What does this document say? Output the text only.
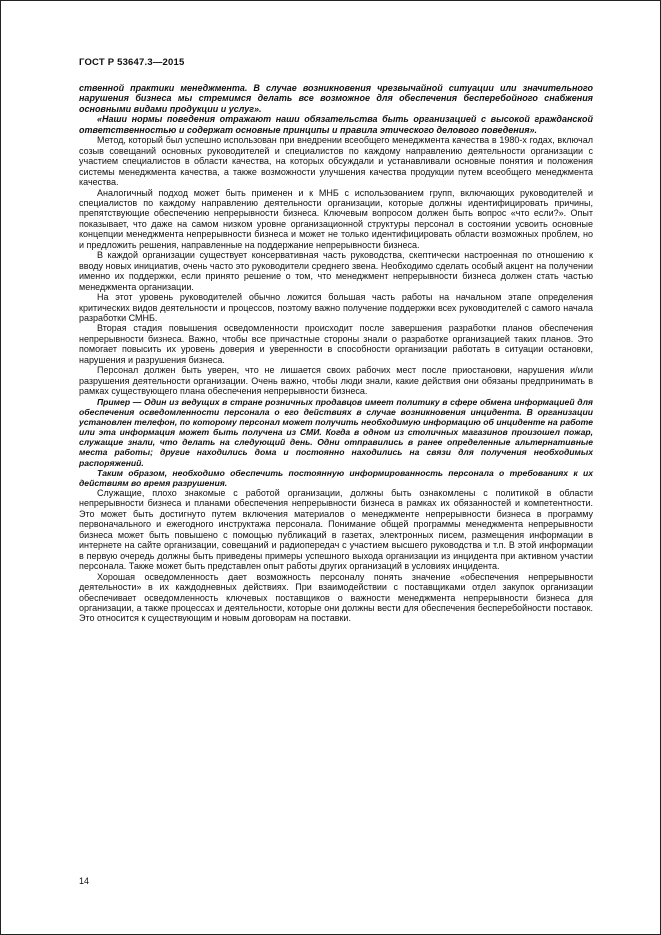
ГОСТ Р 53647.3—2015

ственной практики менеджмента. В случае возникновения чрезвычайной ситуации или значительного нарушения бизнеса мы стремимся делать все возможное для обеспечения бесперебойного снабжения основными видами продукции и услуг».

«Наши нормы поведения отражают наши обязательства быть организацией с высокой гражданской ответственностью и содержат основные принципы и правила этического делового поведения».

Метод, который был успешно использован при внедрении всеобщего менеджмента качества в 1980-х годах, включал созыв совещаний основных руководителей и специалистов по каждому направлению деятельности организации с участием специалистов в области качества, на которых обсуждали и устанавливали основные понятия и положения системы менеджмента качества, а также возможности улучшения качества продукции путем всеобщего менеджмента качества.

Аналогичный подход может быть применен и к МНБ с использованием групп, включающих руководителей и специалистов по каждому направлению деятельности организации, которые должны идентифицировать причины, препятствующие обеспечению непрерывности бизнеса. Ключевым вопросом должен быть вопрос «что если?». Опыт показывает, что даже на самом низком уровне организационной структуры персонал в состоянии усвоить основные концепции менеджмента непрерывности бизнеса и может не только идентифицировать области возможных проблем, но и предложить решения, направленные на поддержание непрерывности бизнеса.

В каждой организации существует консервативная часть руководства, скептически настроенная по отношению к вводу новых инициатив, очень часто это руководители среднего звена. Необходимо сделать особый акцент на получении именно их поддержки, если принято решение о том, что менеджмент непрерывности бизнеса должен стать частью менеджмента организации.

На этот уровень руководителей обычно ложится большая часть работы на начальном этапе определения критических видов деятельности и процессов, поэтому важно получение поддержки всех руководителей с самого начала разработки СМНБ.

Вторая стадия повышения осведомленности происходит после завершения разработки планов обеспечения непрерывности бизнеса. Важно, чтобы все причастные стороны знали о разработке организацией таких планов. Это помогает повысить их уровень доверия и уверенности в способности организации работать в ситуации остановки, нарушения и разрушения бизнеса.

Персонал должен быть уверен, что не лишается своих рабочих мест после приостановки, нарушения и/или разрушения деятельности организации. Очень важно, чтобы люди знали, какие действия они обязаны предпринимать в рамках существующего плана обеспечения непрерывности бизнеса.

Пример — Один из ведущих в стране розничных продавцов имеет политику в сфере обмена информацией для обеспечения осведомленности персонала о его действиях в случае возникновения инцидента. В организации установлен телефон, по которому персонал может получить необходимую информацию об инциденте на работе или эта информация может быть получена из СМИ. Когда в одном из столичных магазинов произошел пожар, служащие знали, что делать на следующий день. Одни отправились в ранее определенные альтернативные места работы; другие находились дома и постоянно находились на связи для получения необходимых распоряжений.

Таким образом, необходимо обеспечить постоянную информированность персонала о требованиях к их действиям во время разрушения.

Служащие, плохо знакомые с работой организации, должны быть ознакомлены с политикой в области непрерывности бизнеса и планами обеспечения непрерывности бизнеса в рамках их обязанностей и компетентности. Это может быть достигнуто путем включения материалов о менеджменте непрерывности бизнеса в программу первоначального и ежегодного инструктажа персонала. Понимание общей программы менеджмента непрерывности бизнеса может быть повышено с помощью публикаций в газетах, электронных писем, размещения информации в интернете на сайте организации, совещаний и радиопередач с участием высшего руководства и т.п. В этой информации в первую очередь должны быть приведены примеры успешного выхода организации из инцидента при активном участии персонала. Также может быть представлен опыт работы других организаций в условиях инцидента.

Хорошая осведомленность дает возможность персоналу понять значение «обеспечения непрерывности деятельности» в их каждодневных действиях. При взаимодействии с поставщиками отдел закупок организации обеспечивает осведомленность ключевых поставщиков о важности менеджмента непрерывности бизнеса для организации, а также процессах и деятельности, которые они должны вести для обеспечения бесперебойности поставок. Это относится к существующим и новым договорам на поставки.

14
